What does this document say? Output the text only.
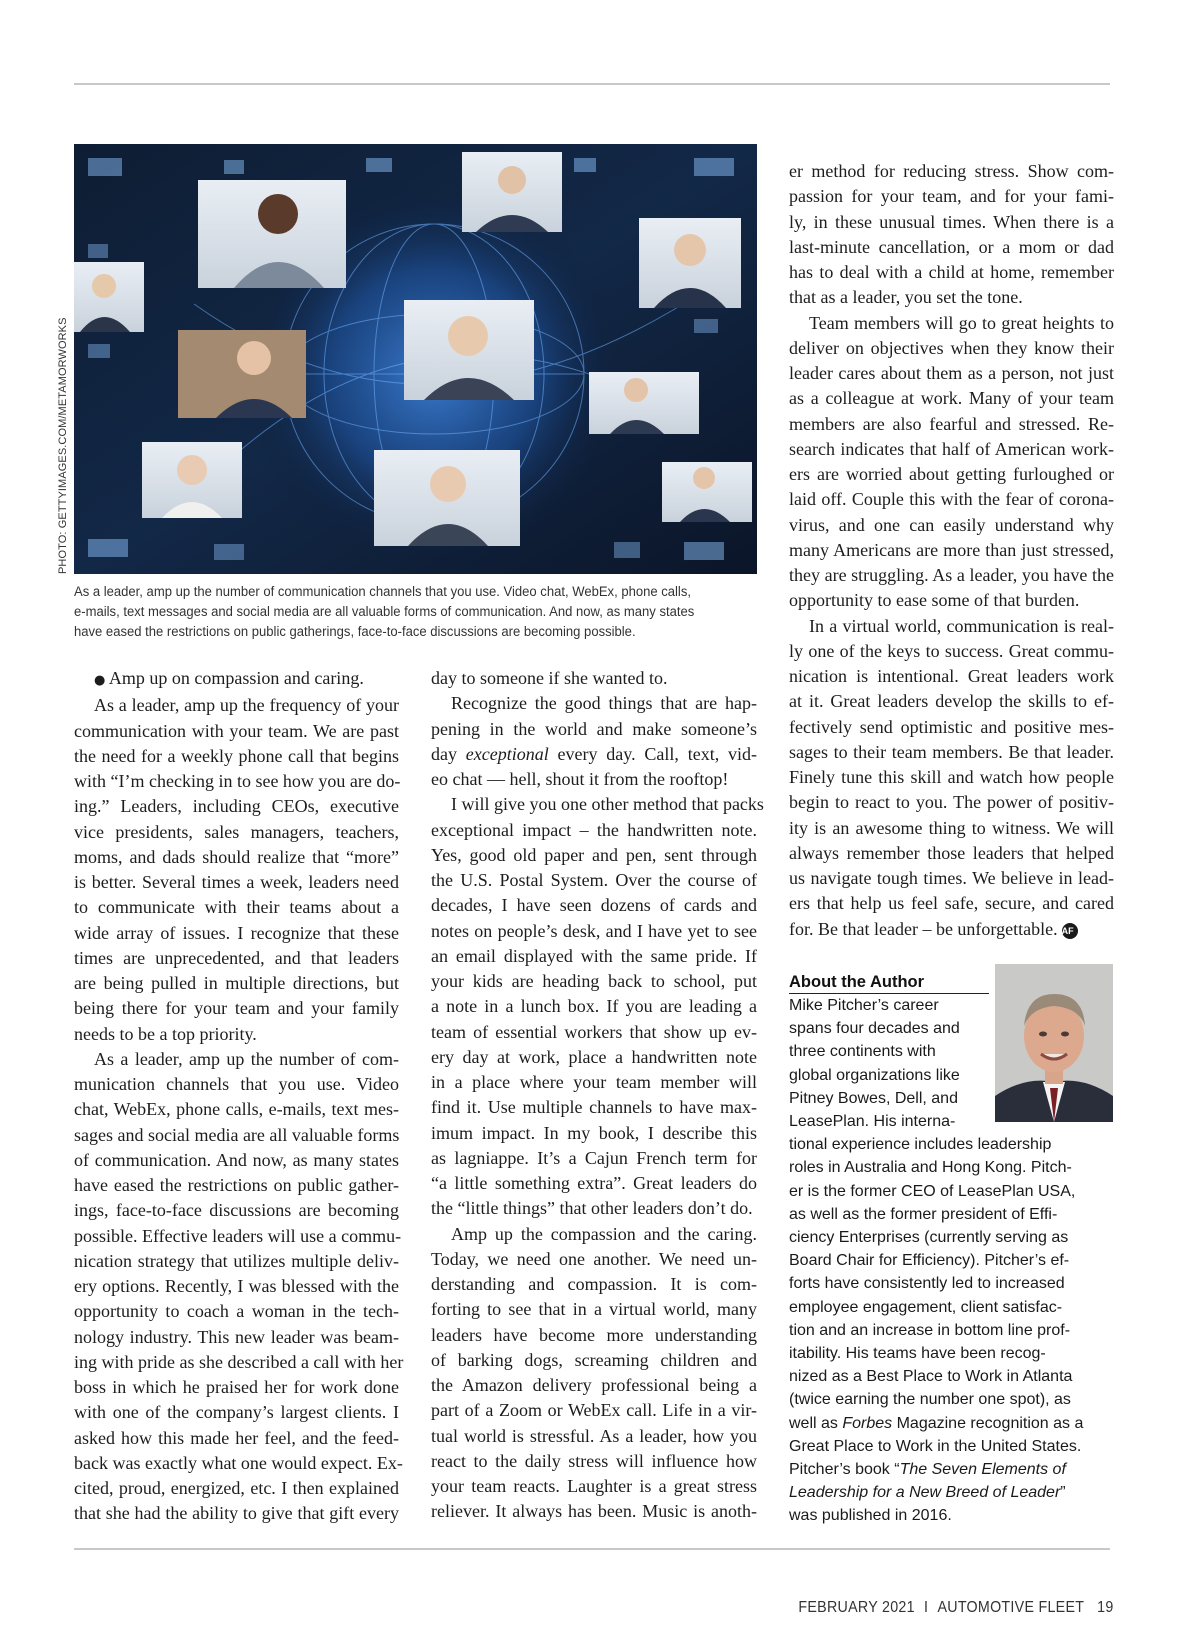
PHOTO: GETTYIMAGES.COM/METAMORWORKS
As a leader, amp up the number of communication channels that you use. Video chat, WebEx, phone calls,
e-mails, text messages and social media are all valuable forms of communication. And now, as many states
have eased the restrictions on public gatherings, face-to-face discussions are becoming possible.
● Amp up on compassion and caring.
As a leader, amp up the frequency of your
communication with your team. We are past
the need for a weekly phone call that begins
with “I’m checking in to see how you are do-
ing.” Leaders, including CEOs, executive
vice presidents, sales managers, teachers,
moms, and dads should realize that “more”
is better. Several times a week, leaders need
to communicate with their teams about a
wide array of issues. I recognize that these
times are unprecedented, and that leaders
are being pulled in multiple directions, but
being there for your team and your family
needs to be a top priority.
As a leader, amp up the number of com-
munication channels that you use. Video
chat, WebEx, phone calls, e-mails, text mes-
sages and social media are all valuable forms
of communication. And now, as many states
have eased the restrictions on public gather-
ings, face-to-face discussions are becoming
possible. Effective leaders will use a commu-
nication strategy that utilizes multiple deliv-
ery options. Recently, I was blessed with the
opportunity to coach a woman in the tech-
nology industry. This new leader was beam-
ing with pride as she described a call with her
boss in which he praised her for work done
with one of the company’s largest clients. I
asked how this made her feel, and the feed-
back was exactly what one would expect. Ex-
cited, proud, energized, etc. I then explained
that she had the ability to give that gift every
day to someone if she wanted to.
Recognize the good things that are hap-
pening in the world and make someone’s
day exceptional every day. Call, text, vid-
eo chat — hell, shout it from the rooftop!
I will give you one other method that packs
exceptional impact – the handwritten note.
Yes, good old paper and pen, sent through
the U.S. Postal System. Over the course of
decades, I have seen dozens of cards and
notes on people’s desk, and I have yet to see
an email displayed with the same pride. If
your kids are heading back to school, put
a note in a lunch box. If you are leading a
team of essential workers that show up ev-
ery day at work, place a handwritten note
in a place where your team member will
find it. Use multiple channels to have max-
imum impact. In my book, I describe this
as lagniappe. It’s a Cajun French term for
“a little something extra”. Great leaders do
the “little things” that other leaders don’t do.
Amp up the compassion and the caring.
Today, we need one another. We need un-
derstanding and compassion. It is com-
forting to see that in a virtual world, many
leaders have become more understanding
of barking dogs, screaming children and
the Amazon delivery professional being a
part of a Zoom or WebEx call. Life in a vir-
tual world is stressful. As a leader, how you
react to the daily stress will influence how
your team reacts. Laughter is a great stress
reliever. It always has been. Music is anoth-
er method for reducing stress. Show com-
passion for your team, and for your fami-
ly, in these unusual times. When there is a
last-minute cancellation, or a mom or dad
has to deal with a child at home, remember
that as a leader, you set the tone.
Team members will go to great heights to
deliver on objectives when they know their
leader cares about them as a person, not just
as a colleague at work. Many of your team
members are also fearful and stressed. Re-
search indicates that half of American work-
ers are worried about getting furloughed or
laid off. Couple this with the fear of corona-
virus, and one can easily understand why
many Americans are more than just stressed,
they are struggling. As a leader, you have the
opportunity to ease some of that burden.
In a virtual world, communication is real-
ly one of the keys to success. Great commu-
nication is intentional. Great leaders work
at it. Great leaders develop the skills to ef-
fectively send optimistic and positive mes-
sages to their team members. Be that leader.
Finely tune this skill and watch how people
begin to react to you. The power of positiv-
ity is an awesome thing to witness. We will
always remember those leaders that helped
us navigate tough times. We believe in lead-
ers that help us feel safe, secure, and cared
for. Be that leader – be unforgettable. AF
About the Author
Mike Pitcher’s career
spans four decades and
three continents with
global organizations like
Pitney Bowes, Dell, and
LeasePlan. His interna-
tional experience includes leadership
roles in Australia and Hong Kong. Pitch-
er is the former CEO of LeasePlan USA,
as well as the former president of Effi-
ciency Enterprises (currently serving as
Board Chair for Efficiency). Pitcher’s ef-
forts have consistently led to increased
employee engagement, client satisfac-
tion and an increase in bottom line prof-
itability. His teams have been recog-
nized as a Best Place to Work in Atlanta
(twice earning the number one spot), as
well as Forbes Magazine recognition as a
Great Place to Work in the United States.
Pitcher’s book “The Seven Elements of
Leadership for a New Breed of Leader”
was published in 2016.
FEBRUARY 2021 I AUTOMOTIVE FLEET 19
